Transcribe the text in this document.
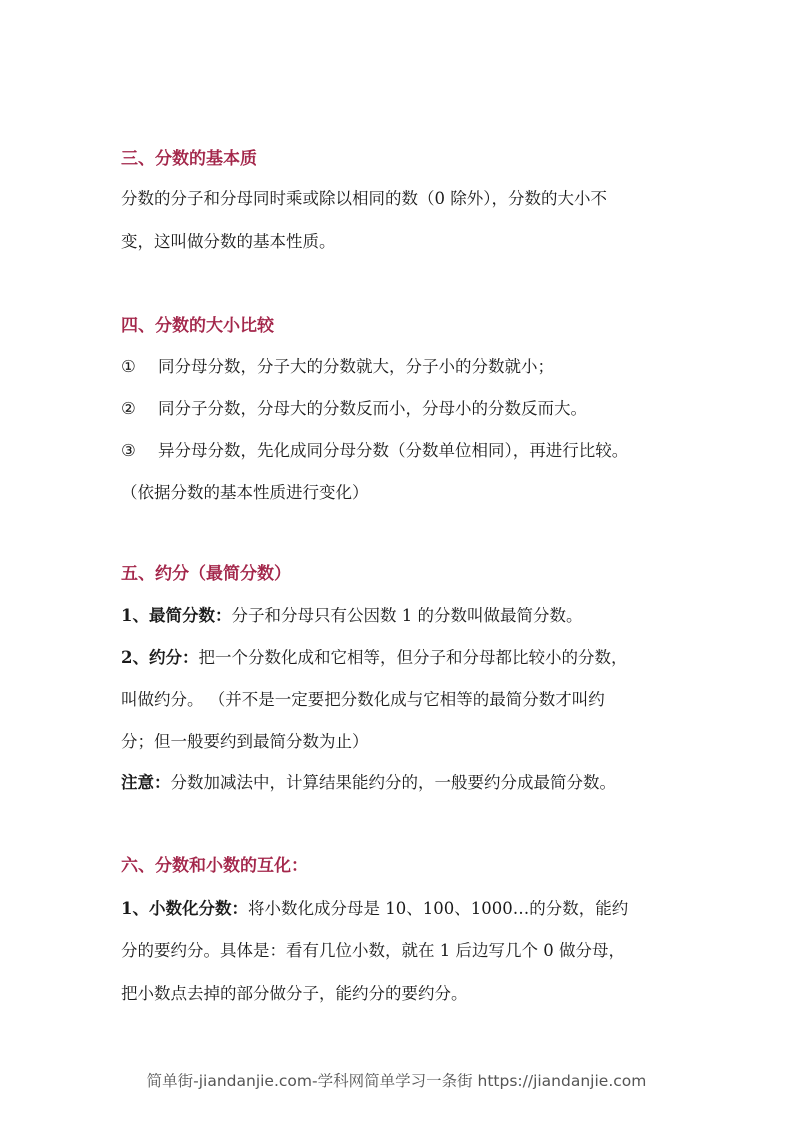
三、分数的基本质
分数的分子和分母同时乘或除以相同的数（0 除外），分数的大小不
变，这叫做分数的基本性质。
四、分数的大小比较
① 同分母分数，分子大的分数就大，分子小的分数就小；
② 同分子分数，分母大的分数反而小，分母小的分数反而大。
③ 异分母分数，先化成同分母分数（分数单位相同），再进行比较。
（依据分数的基本性质进行变化）
五、约分（最简分数）
1、最简分数：分子和分母只有公因数 1 的分数叫做最简分数。
2、约分：把一个分数化成和它相等，但分子和分母都比较小的分数，
叫做约分。 （并不是一定要把分数化成与它相等的最简分数才叫约
分；但一般要约到最简分数为止）
注意：分数加减法中，计算结果能约分的，一般要约分成最简分数。
六、分数和小数的互化：
1、小数化分数：将小数化成分母是 10、100、1000…的分数，能约
分的要约分。具体是：看有几位小数，就在 1 后边写几个 0 做分母，
把小数点去掉的部分做分子，能约分的要约分。
简单街-jiandanjie.com-学科网简单学习一条街 https://jiandanjie.com
